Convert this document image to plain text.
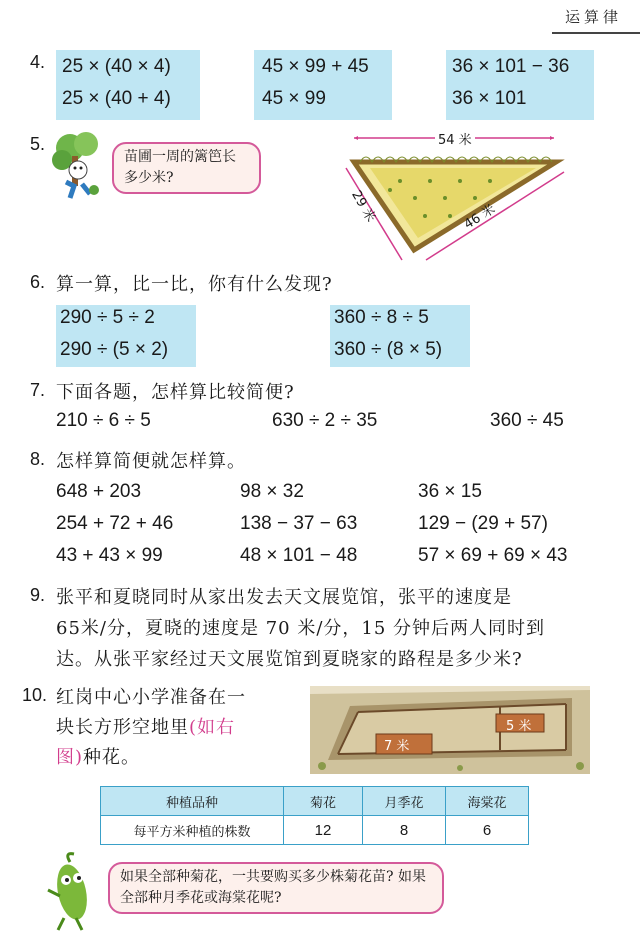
运算律
4. 25 × (40 × 4)
25 × (40 + 4)
45 × 99 + 45
45 × 99
36 × 101 − 36
36 × 101
5.
苗圃一周的篱笆长多少米?
54 米
29 米	46 米
6. 算一算，比一比，你有什么发现?
290 ÷ 5 ÷ 2
290 ÷ (5 × 2)
360 ÷ 8 ÷ 5
360 ÷ (8 × 5)
7. 下面各题，怎样算比较简便?
210 ÷ 6 ÷ 5	630 ÷ 2 ÷ 35	360 ÷ 45
8. 怎样算简便就怎样算。
648 + 203	98 × 32	36 × 15
254 + 72 + 46	138 − 37 − 63	129 − (29 + 57)
43 + 43 × 99	48 × 101 − 48	57 × 69 + 69 × 43
9. 张平和夏晓同时从家出发去天文展览馆，张平的速度是
65米/分，夏晓的速度是 70 米/分，15 分钟后两人同时到
达。从张平家经过天文展览馆到夏晓家的路程是多少米?
10. 红岗中心小学准备在一
块长方形空地里(如右
图)种花。
7 米
5 米
种植品种	菊花	月季花	海棠花
每平方米种植的株数	12	8	6
如果全部种菊花，一共要购买多少株菊花苗? 如果全部种月季花或海棠花呢?
